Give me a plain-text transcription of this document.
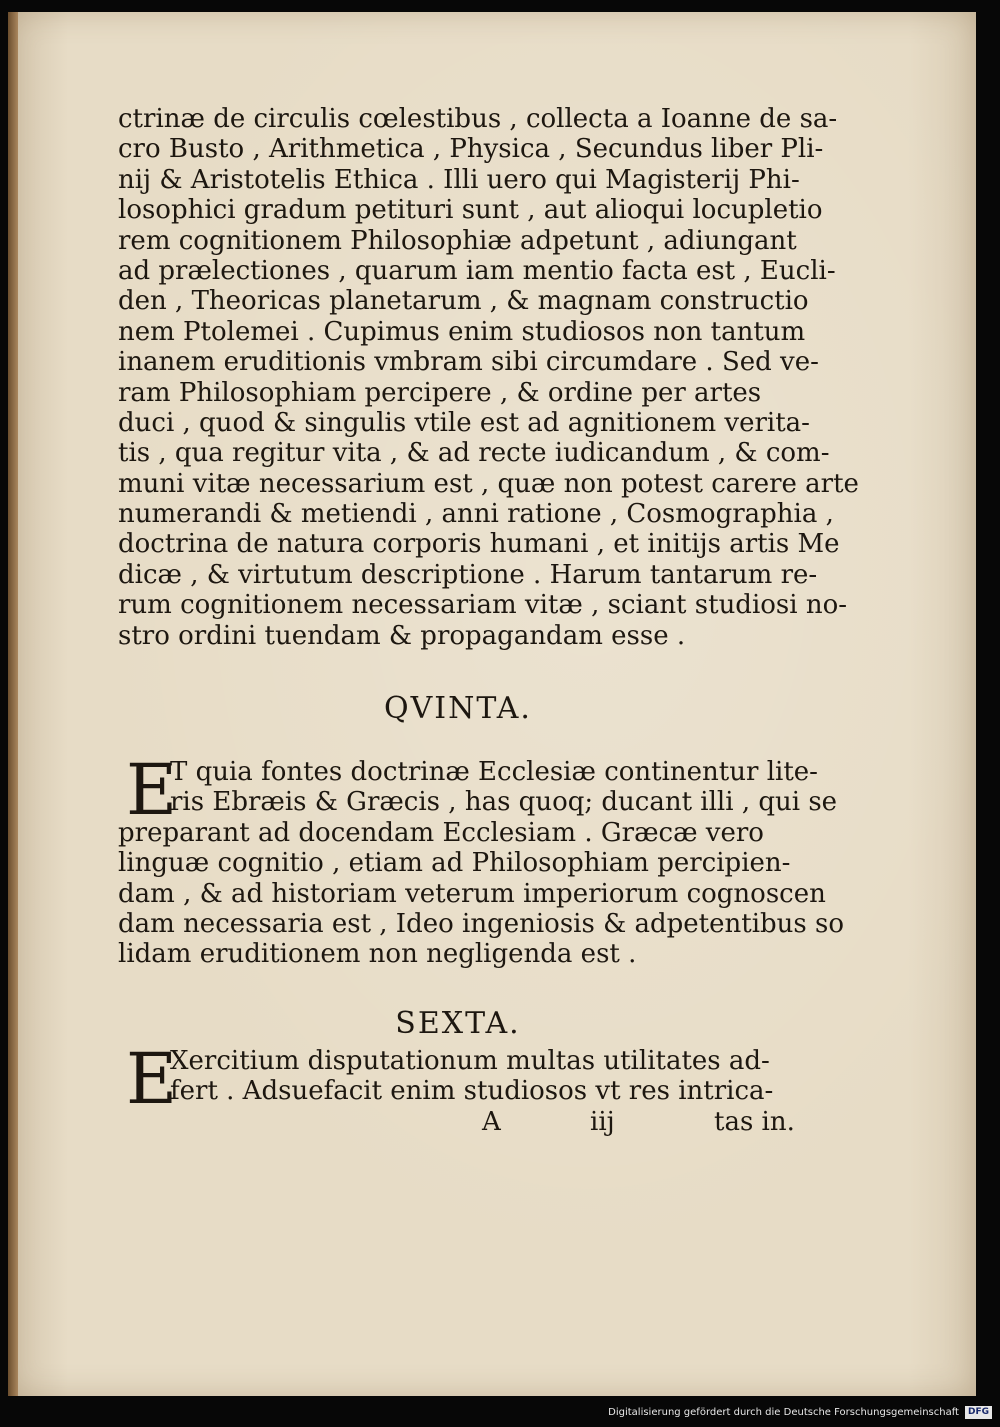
ctrinæ de circulis cœlestibus , collecta a Ioanne de sa-
cro Busto , Arithmetica , Physica , Secundus liber Pli-
nij & Aristotelis Ethica . Illi uero qui Magisterij Phi-
losophici gradum petituri sunt , aut alioqui locupletio
rem cognitionem Philosophiæ adpetunt , adiungant
ad prælectiones , quarum iam mentio facta est , Eucli-
den , Theoricas planetarum , & magnam constructio
nem Ptolemei . Cupimus enim studiosos non tantum
inanem eruditionis vmbram sibi circumdare . Sed ve-
ram Philosophiam percipere , & ordine per artes
duci , quod & singulis vtile est ad agnitionem verita-
tis , qua regitur vita , & ad recte iudicandum , & com-
muni vitæ necessarium est , quæ non potest carere arte
numerandi & metiendi , anni ratione , Cosmographia ,
doctrina de natura corporis humani , et initijs artis Me
dicæ , & virtutum descriptione . Harum tantarum re-
rum cognitionem necessariam vitæ , sciant studiosi no-
stro ordini tuendam & propagandam esse .
QVINTA.
E
T quia fontes doctrinæ Ecclesiæ continentur lite-
ris Ebræis & Græcis , has quoq; ducant illi , qui se
preparant ad docendam Ecclesiam . Græcæ vero
linguæ cognitio , etiam ad Philosophiam percipien-
dam , & ad historiam veterum imperiorum cognoscen
dam necessaria est , Ideo ingeniosis & adpetentibus so
lidam eruditionem non negligenda est .
SEXTA.
E
Xercitium disputationum multas utilitates ad-
fert . Adsuefacit enim studiosos vt res intrica-
A	iij	tas in.
Digitalisierung gefördert durch die Deutsche Forschungsgemeinschaft	DFG
